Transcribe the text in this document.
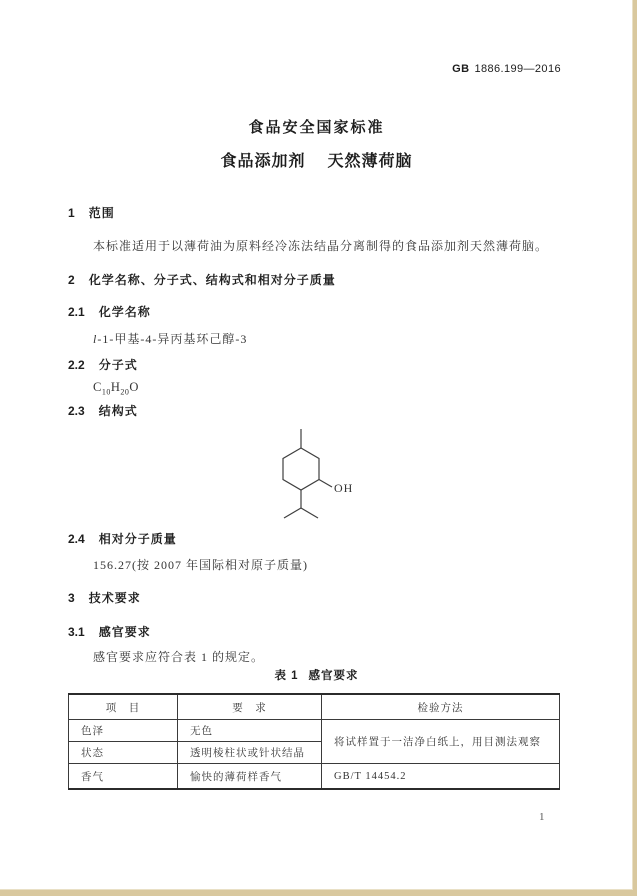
GB 1886.199—2016
食品安全国家标准
食品添加剂 天然薄荷脑
1 范围
本标准适用于以薄荷油为原料经冷冻法结晶分离制得的食品添加剂天然薄荷脑。
2 化学名称、分子式、结构式和相对分子质量
2.1 化学名称
l-1-甲基-4-异丙基环己醇-3
2.2 分子式
$C_{10}H_{20}O$
2.3 结构式
OH
2.4 相对分子质量
156.27(按 2007 年国际相对原子质量)
3 技术要求
3.1 感官要求
感官要求应符合表 1 的规定。
表 1 感官要求
项　目	要　求	检验方法
色泽	无色	将试样置于一洁净白纸上，用目测法观察
状态	透明棱柱状或针状结晶	
香气	愉快的薄荷样香气	GB/T 14454.2
1
